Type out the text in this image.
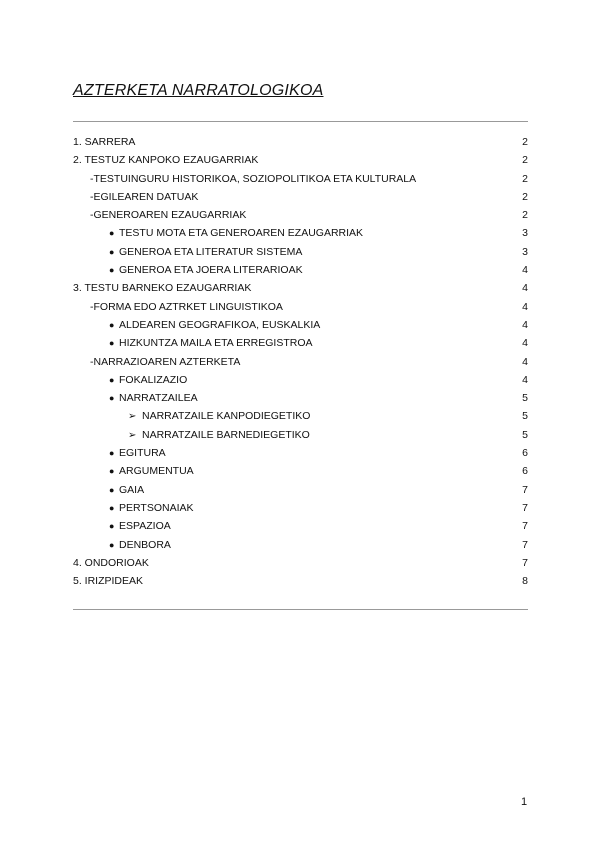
AZTERKETA NARRATOLOGIKOA
1. SARRERA	2
2. TESTUZ KANPOKO EZAUGARRIAK	2
-TESTUINGURU HISTORIKOA, SOZIOPOLITIKOA ETA KULTURALA	2
-EGILEAREN DATUAK	2
-GENEROAREN EZAUGARRIAK	2
● TESTU MOTA ETA GENEROAREN EZAUGARRIAK	3
● GENEROA ETA LITERATUR SISTEMA	3
● GENEROA ETA JOERA LITERARIOAK	4
3. TESTU BARNEKO EZAUGARRIAK	4
-FORMA EDO AZTRKET LINGUISTIKOA	4
● ALDEAREN GEOGRAFIKOA, EUSKALKIA	4
● HIZKUNTZA MAILA ETA ERREGISTROA	4
-NARRAZIOAREN AZTERKETA	4
● FOKALIZAZIO	4
● NARRATZAILEA	5
➢ NARRATZAILE KANPODIEGETIKO	5
➢ NARRATZAILE BARNEDIEGETIKO	5
● EGITURA	6
● ARGUMENTUA	6
● GAIA	7
● PERTSONAIAK	7
● ESPAZIOA	7
● DENBORA	7
4. ONDORIOAK	7
5. IRIZPIDEAK	8
1
